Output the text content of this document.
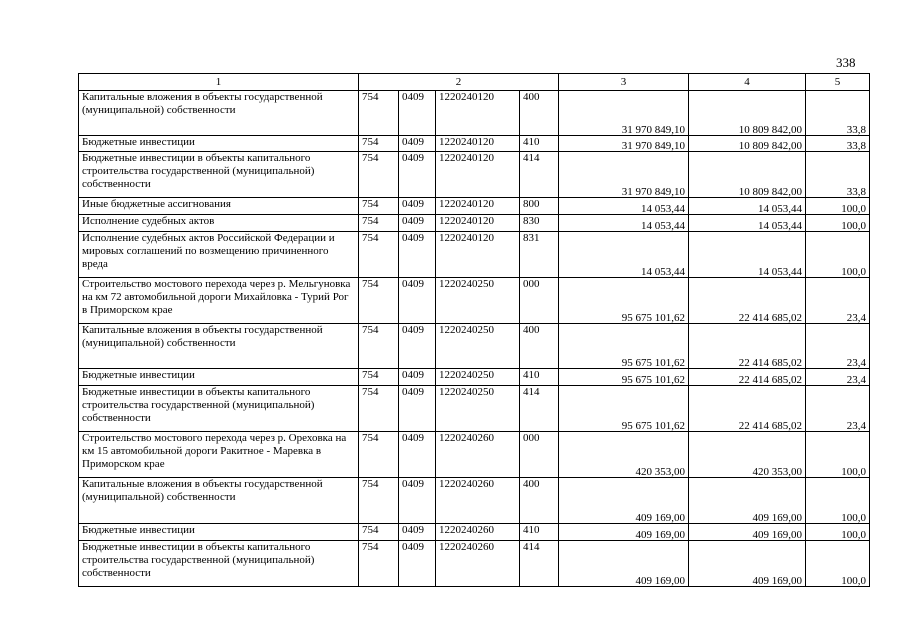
338
1	2				3	4	5
Капитальные вложения в объекты государственной (муниципальной) собственности	754	0409	1220240120	400	31 970 849,10	10 809 842,00	33,8
Бюджетные инвестиции	754	0409	1220240120	410	31 970 849,10	10 809 842,00	33,8
Бюджетные инвестиции в объекты капитального строительства государственной (муниципальной) собственности	754	0409	1220240120	414	31 970 849,10	10 809 842,00	33,8
Иные бюджетные ассигнования	754	0409	1220240120	800	14 053,44	14 053,44	100,0
Исполнение судебных актов	754	0409	1220240120	830	14 053,44	14 053,44	100,0
Исполнение судебных актов Российской Федерации и мировых соглашений по возмещению причиненного вреда	754	0409	1220240120	831	14 053,44	14 053,44	100,0
Строительство мостового перехода через р. Мельгуновка на км 72 автомобильной дороги Михайловка - Турий Рог в Приморском крае	754	0409	1220240250	000	95 675 101,62	22 414 685,02	23,4
Капитальные вложения в объекты государственной (муниципальной) собственности	754	0409	1220240250	400	95 675 101,62	22 414 685,02	23,4
Бюджетные инвестиции	754	0409	1220240250	410	95 675 101,62	22 414 685,02	23,4
Бюджетные инвестиции в объекты капитального строительства государственной (муниципальной) собственности	754	0409	1220240250	414	95 675 101,62	22 414 685,02	23,4
Строительство мостового перехода через р. Ореховка на км 15 автомобильной дороги Ракитное - Маревка в Приморском крае	754	0409	1220240260	000	420 353,00	420 353,00	100,0
Капитальные вложения в объекты государственной (муниципальной) собственности	754	0409	1220240260	400	409 169,00	409 169,00	100,0
Бюджетные инвестиции	754	0409	1220240260	410	409 169,00	409 169,00	100,0
Бюджетные инвестиции в объекты капитального строительства государственной (муниципальной) собственности	754	0409	1220240260	414	409 169,00	409 169,00	100,0
